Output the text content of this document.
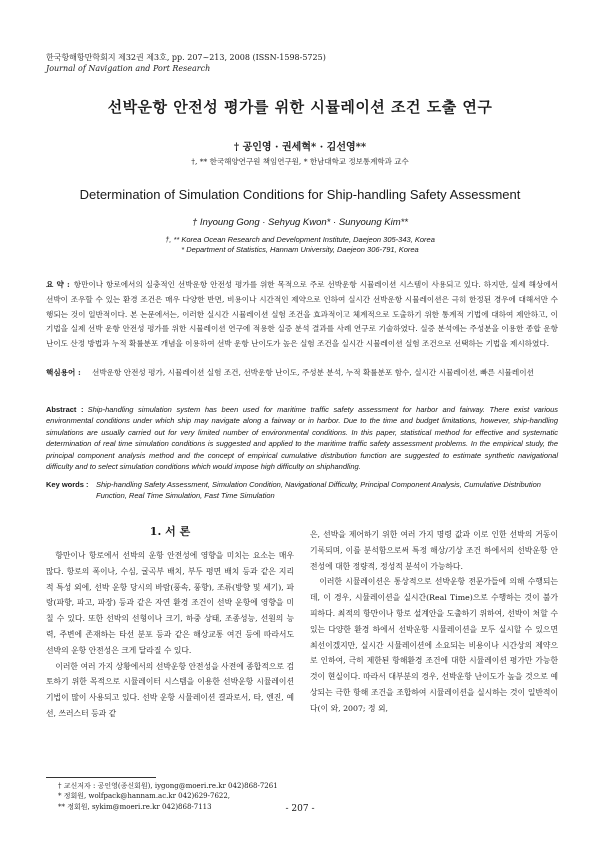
한국항해항만학회지 제32권 제3호, pp. 207~213, 2008 (ISSN-1598-5725)
Journal of Navigation and Port Research
선박운항 안전성 평가를 위한 시뮬레이션 조건 도출 연구
† 공인영 · 권세혁* · 김선영**
†, ** 한국해양연구원 책임연구원, * 한남대학교 정보통계학과 교수
Determination of Simulation Conditions for Ship-handling Safety Assessment
† Inyoung Gong · Sehyug Kwon* · Sunyoung Kim**
†, ** Korea Ocean Research and Development Institute, Daejeon 305-343, Korea
* Department of Statistics, Hannam University, Daejeon 306-791, Korea
요 약 : 항만이나 항로에서의 실충적인 선박운항 안전성 평가를 위한 목적으로 주로 선박운항 시뮬레이션 시스템이 사용되고 있다. 하지만, 실제 해상에서 선박이 조우할 수 있는 환경 조건은 매우 다양한 반면, 비용이나 시간적인 제약으로 인하여 실시간 선박운항 시뮬레이션은 극히 한정된 경우에 대해서만 수행되는 것이 일반적이다. 본 논문에서는, 이러한 실시간 시뮬레이션 실험 조건을 효과적이고 체계적으로 도출하기 위한 통계적 기법에 대하여 제안하고, 이 기법을 실제 선박 운항 안전성 평가를 위한 시뮬레이션 연구에 적용한 실증 분석 결과를 사례 연구로 기술하였다. 실증 분석에는 주성분을 이용한 종합 운항 난이도 산정 방법과 누적 확률분포 개념을 이용하여 선박 운항 난이도가 높은 실험 조건을 실시간 시뮬레이션 실험 조건으로 선택하는 기법을 제시하였다.
핵심용어 :	선박운항 안전성 평가, 시뮬레이션 실험 조건, 선박운항 난이도, 주성분 분석, 누적 확률분포 함수, 실시간 시뮬레이션, 빠른 시뮬레이션
Abstract : Ship-handling simulation system has been used for maritime traffic safety assessment for harbor and fairway. There exist various environmental conditions under which ship may navigate along a fairway or in harbor. Due to the time and budget limitations, however, ship-handling simulations are usually carried out for very limited number of environmental conditions. In this paper, statistical method for effective and systematic determination of real time simulation conditions is suggested and applied to the maritime traffic safety assessment problems. In the empirical study, the principal component analysis method and the concept of empirical cumulative distribution function are suggested to estimate synthetic navigational difficulty and to select simulation conditions which would impose high difficulty on shiphandling.
Key words : Ship-handling Safety Assessment, Simulation Condition, Navigational Difficulty, Principal Component Analysis, Cumulative Distribution Function, Real Time Simulation, Fast Time Simulation
1. 서 론

항만이나 항로에서 선박의 운항 안전성에 영향을 미치는 요소는 매우 많다. 항로의 폭이나, 수심, 굴곡부 배치, 부두 평면 배치 등과 같은 지리적 특성 외에, 선박 운항 당시의 바람(풍속, 풍향), 조류(방향 및 세기), 파랑(파향, 파고, 파장) 등과 같은 자연 환경 조건이 선박 운항에 영향을 미칠 수 있다. 또한 선박의 선형이나 크기, 하중 상태, 조종성능, 선원의 능력, 주변에 존재하는 타선 분포 등과 같은 해상교통 여건 등에 따라서도 선박의 운항 안전성은 크게 달라질 수 있다.

이러한 여러 가지 상황에서의 선박운항 안전성을 사전에 종합적으로 검토하기 위한 목적으로 시뮬레이터 시스템을 이용한 선박운항 시뮬레이션 기법이 많이 사용되고 있다. 선박 운항 시뮬레이션 결과로서, 타, 엔진, 예선, 쓰러스터 등과 같

은, 선박을 제어하기 위한 여러 가지 명령 값과 이로 인한 선박의 거동이 기록되며, 이를 분석함으로써 특정 해상/기상 조건 하에서의 선박운항 안전성에 대한 정량적, 정성적 분석이 가능하다.

이러한 시뮬레이션은 통상적으로 선박운항 전문가들에 의해 수행되는데, 이 경우, 시뮬레이션을 실시간(Real Time)으로 수행하는 것이 불가피하다. 최적의 항만이나 항로 설계안을 도출하기 위하여, 선박이 처할 수 있는 다양한 환경 하에서 선박운항 시뮬레이션을 모두 실시할 수 있으면 최선이겠지만, 실시간 시뮬레이션에 소요되는 비용이나 시간상의 제약으로 인하여, 극히 제한된 항해환경 조건에 대한 시뮬레이션 평가만 가능한 것이 현실이다. 따라서 대부분의 경우, 선박운항 난이도가 높을 것으로 예상되는 극한 항해 조건을 조합하여 시뮬레이션을 실시하는 것이 일반적이다(이 와, 2007; 정 외,

† 교신저자 : 공인영(종신회원), iygong@moeri.re.kr 042)868-7261
* 정회원, wolfpack@hannam.ac.kr 042)629-7622,
** 정회원, sykim@moeri.re.kr 042)868-7113	- 207 -
